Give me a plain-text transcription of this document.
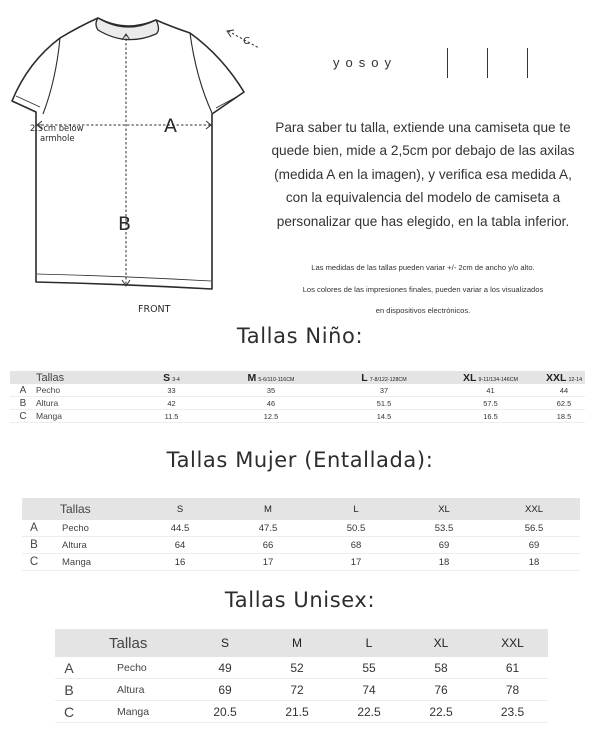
A
B
C
2.5cm below
armhole
FRONT
yosoy
Para saber tu talla, extiende una camiseta que te quede bien, mide a 2,5cm por debajo de las axilas (medida A en la imagen), y verifica esa medida A, con la equivalencia del modelo de camiseta a personalizar que has elegido, en la tabla inferior.
Las medidas de las tallas pueden variar +/- 2cm de ancho y/o alto.
Los colores de las impresiones finales, pueden variar a los visualizados
en dispositivos electrónicos.
Tallas Niño:
	Tallas	S 3-4	M 5-6/110-116CM	L 7-8/122-128CM	XL 9-11/134-146CM	XXL 12-14
A	Pecho	33	35	37	41	44
B	Altura	42	46	51.5	57.5	62.5
C	Manga	11.5	12.5	14.5	16.5	18.5
Tallas Mujer (Entallada):
	Tallas	S	M	L	XL	XXL
A	Pecho	44.5	47.5	50.5	53.5	56.5
B	Altura	64	66	68	69	69
C	Manga	16	17	17	18	18
Tallas Unisex:
	Tallas	S	M	L	XL	XXL
A	Pecho	49	52	55	58	61
B	Altura	69	72	74	76	78
C	Manga	20.5	21.5	22.5	22.5	23.5
